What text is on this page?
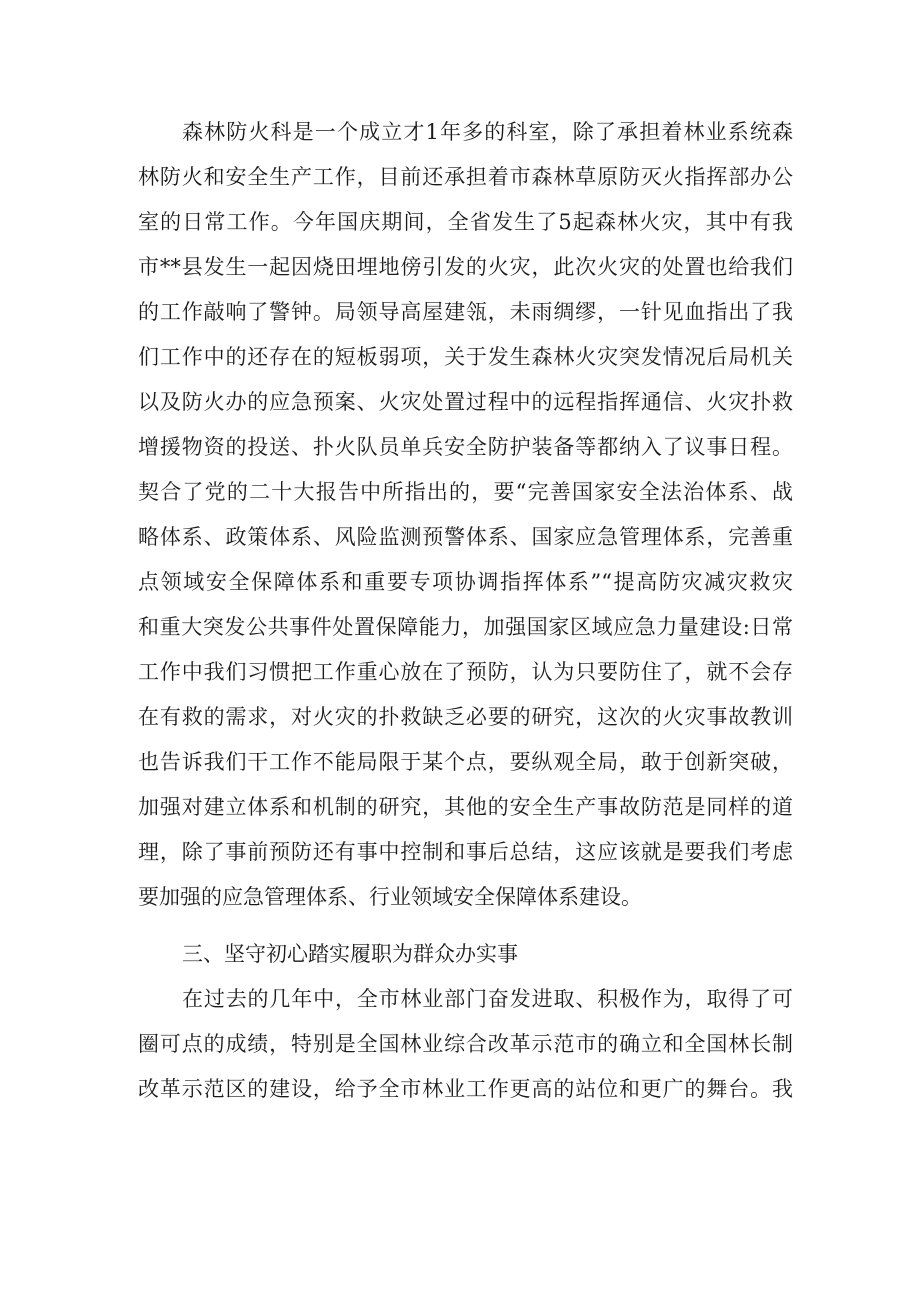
森林防火科是一个成立才1年多的科室，除了承担着林业系统森
林防火和安全生产工作，目前还承担着市森林草原防灭火指挥部办公
室的日常工作。今年国庆期间，全省发生了5起森林火灾，其中有我
市**县发生一起因烧田埋地傍引发的火灾，此次火灾的处置也给我们
的工作敲响了警钟。局领导高屋建瓴，未雨绸缪，一针见血指出了我
们工作中的还存在的短板弱项，关于发生森林火灾突发情况后局机关
以及防火办的应急预案、火灾处置过程中的远程指挥通信、火灾扑救
增援物资的投送、扑火队员单兵安全防护装备等都纳入了议事日程。
契合了党的二十大报告中所指出的，要“完善国家安全法治体系、战
略体系、政策体系、风险监测预警体系、国家应急管理体系，完善重
点领域安全保障体系和重要专项协调指挥体系”“提高防灾减灾救灾
和重大突发公共事件处置保障能力，加强国家区域应急力量建设:日常
工作中我们习惯把工作重心放在了预防，认为只要防住了，就不会存
在有救的需求，对火灾的扑救缺乏必要的研究，这次的火灾事故教训
也告诉我们干工作不能局限于某个点，要纵观全局，敢于创新突破，
加强对建立体系和机制的研究，其他的安全生产事故防范是同样的道
理，除了事前预防还有事中控制和事后总结，这应该就是要我们考虑
要加强的应急管理体系、行业领域安全保障体系建设。
三、坚守初心踏实履职为群众办实事
在过去的几年中，全市林业部门奋发进取、积极作为，取得了可
圈可点的成绩，特别是全国林业综合改革示范市的确立和全国林长制
改革示范区的建设，给予全市林业工作更高的站位和更广的舞台。我
